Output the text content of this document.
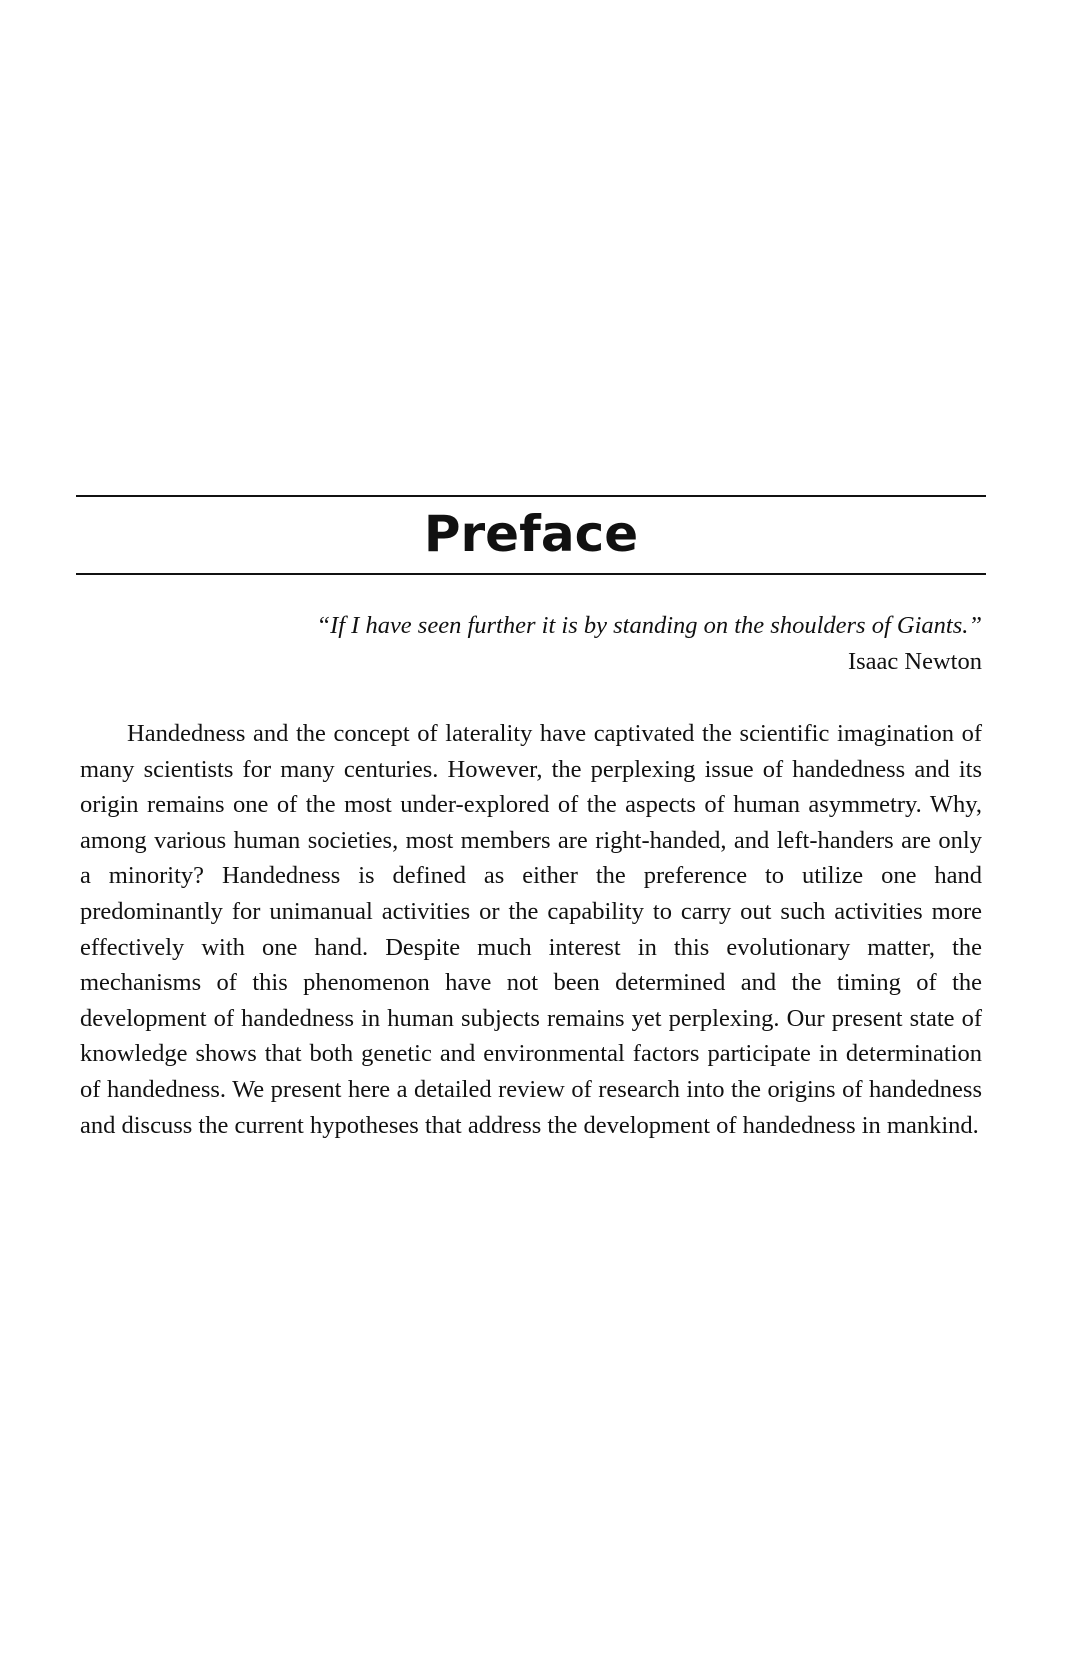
Preface
“If I have seen further it is by standing on the shoulders of Giants.”
Isaac Newton

Handedness and the concept of laterality have captivated the scientific imagination of many scientists for many centuries. However, the perplexing issue of handedness and its origin remains one of the most under-explored of the aspects of human asymmetry. Why, among various human societies, most members are right-handed, and left-handers are only a minority? Handedness is defined as either the preference to utilize one hand predominantly for unimanual activities or the capability to carry out such activities more effectively with one hand. Despite much interest in this evolutionary matter, the mechanisms of this phenomenon have not been determined and the timing of the development of handedness in human subjects remains yet perplexing. Our present state of knowledge shows that both genetic and environmental factors participate in determination of handedness. We present here a detailed review of research into the origins of handedness and discuss the current hypotheses that address the development of handedness in mankind.
